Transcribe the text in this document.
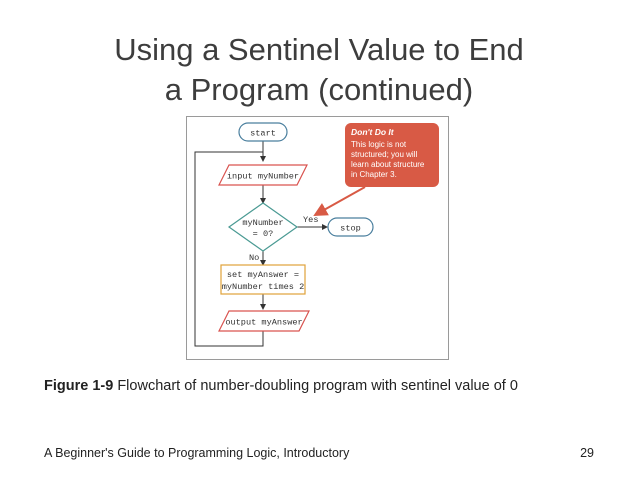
Using a Sentinel Value to End
a Program (continued)
start
input myNumber
myNumber
= 0?
Yes
No
stop
set myAnswer =
myNumber times 2
output myAnswer
Don't Do It
This logic is not
structured; you will
learn about structure
in Chapter 3.
Figure 1-9 Flowchart of number-doubling program with sentinel value of 0
A Beginner's Guide to Programming Logic, Introductory	29
